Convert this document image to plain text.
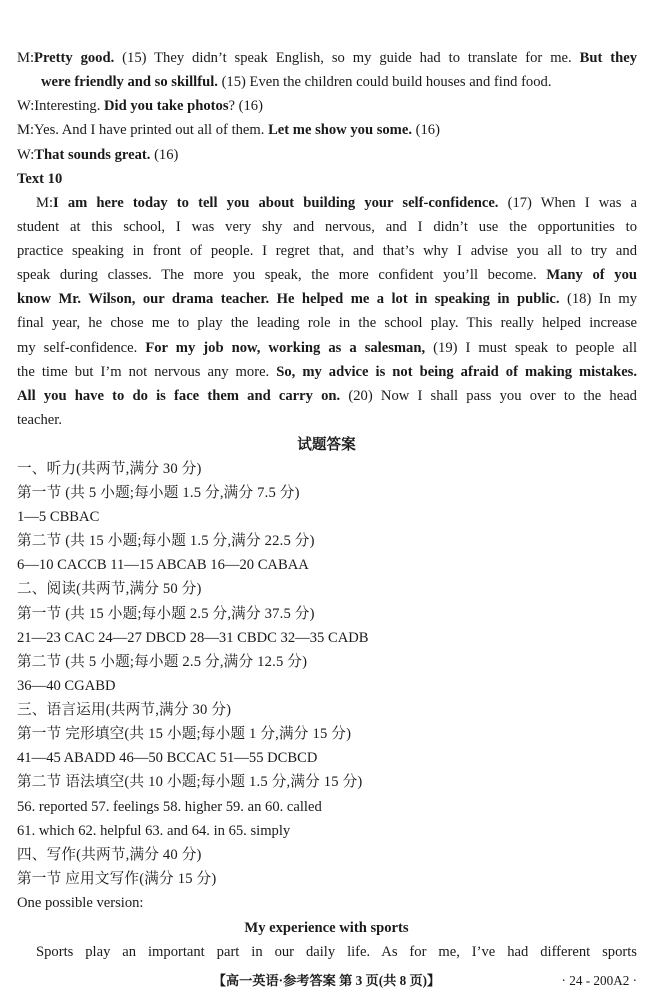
M:Pretty good. (15) They didn’t speak English, so my guide had to translate for me. But they
were friendly and so skillful. (15) Even the children could build houses and find food.
W:Interesting. Did you take photos? (16)
M:Yes. And I have printed out all of them. Let me show you some. (16)
W:That sounds great. (16)
Text 10
M:I am here today to tell you about building your self-confidence. (17) When I was a
student at this school, I was very shy and nervous, and I didn’t use the opportunities to
practice speaking in front of people. I regret that, and that’s why I advise you all to try and
speak during classes. The more you speak, the more confident you’ll become. Many of you
know Mr. Wilson, our drama teacher. He helped me a lot in speaking in public. (18) In my
final year, he chose me to play the leading role in the school play. This really helped increase
my self-confidence. For my job now, working as a salesman, (19) I must speak to people all
the time but I’m not nervous any more. So, my advice is not being afraid of making mistakes.
All you have to do is face them and carry on. (20) Now I shall pass you over to the head
teacher.
试题答案
一、听力(共两节,满分 30 分)
第一节 (共 5 小题;每小题 1.5 分,满分 7.5 分)
1—5 CBBAC
第二节 (共 15 小题;每小题 1.5 分,满分 22.5 分)
6—10 CACCB 11—15 ABCAB 16—20 CABAA
二、阅读(共两节,满分 50 分)
第一节 (共 15 小题;每小题 2.5 分,满分 37.5 分)
21—23 CAC 24—27 DBCD 28—31 CBDC 32—35 CADB
第二节 (共 5 小题;每小题 2.5 分,满分 12.5 分)
36—40 CGABD
三、语言运用(共两节,满分 30 分)
第一节 完形填空(共 15 小题;每小题 1 分,满分 15 分)
41—45 ABADD 46—50 BCCAC 51—55 DCBCD
第二节 语法填空(共 10 小题;每小题 1.5 分,满分 15 分)
56. reported 57. feelings 58. higher 59. an 60. called
61. which 62. helpful 63. and 64. in 65. simply
四、写作(共两节,满分 40 分)
第一节 应用文写作(满分 15 分)
One possible version:
My experience with sports
Sports play an important part in our daily life. As for me, I’ve had different sports
【高一英语·参考答案 第 3 页(共 8 页)】	· 24 - 200A2 ·
